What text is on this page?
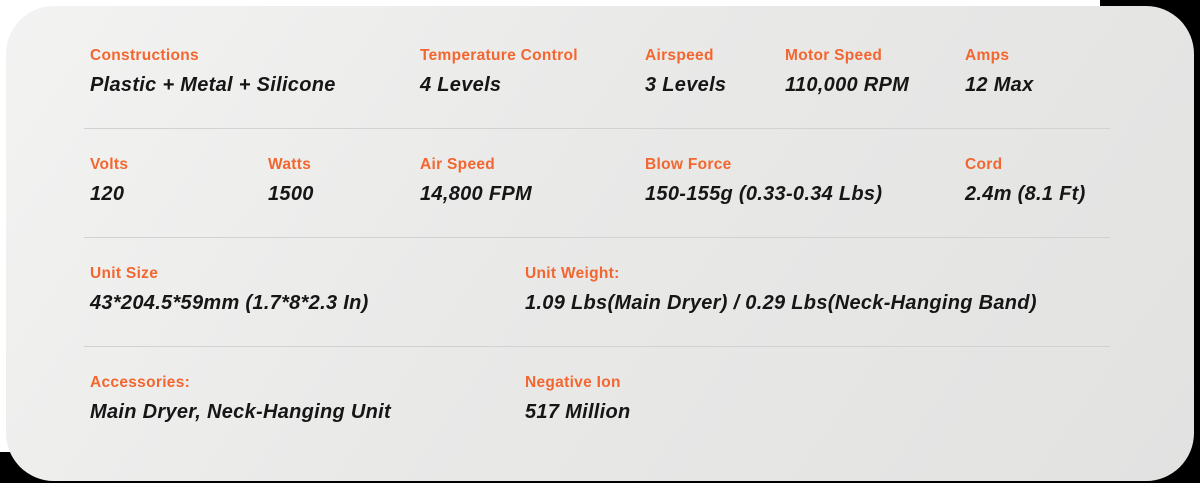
Constructions
Plastic + Metal + Silicone
Temperature Control
4 Levels
Airspeed
3 Levels
Motor Speed
110,000 RPM
Amps
12 Max
Volts
120
Watts
1500
Air Speed
14,800 FPM
Blow Force
150-155g (0.33-0.34 Lbs)
Cord
2.4m (8.1 Ft)
Unit Size
43*204.5*59mm (1.7*8*2.3 In)
Unit Weight:
1.09 Lbs(Main Dryer) / 0.29 Lbs(Neck-Hanging Band)
Accessories:
Main Dryer, Neck-Hanging Unit
Negative Ion
517 Million
